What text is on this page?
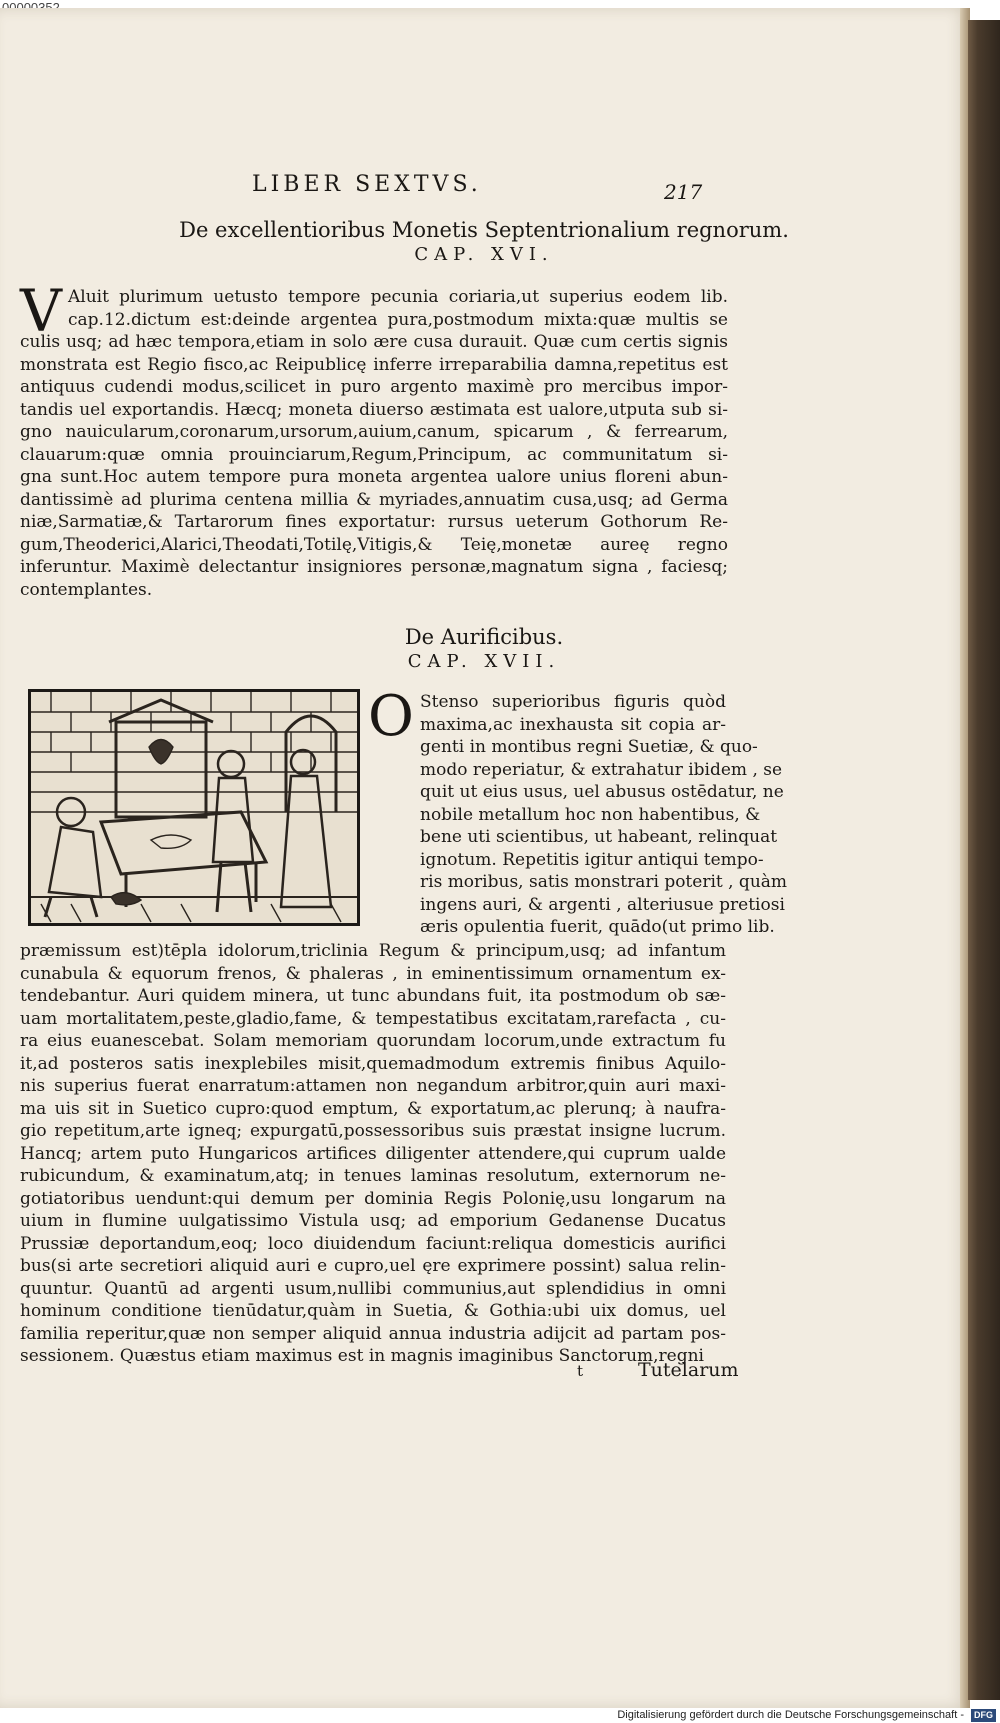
LIBER SEXTVS.	217
De excellentioribus Monetis Septentrionalium regnorum.
CAP. XVI.
V Aluit plurimum uetusto tempore pecunia coriaria,ut superius eodem lib.
cap.12.dictum est:deinde argentea pura,postmodum mixta:quæ multis se
culis usq; ad hæc tempora,etiam in solo ære cusa durauit. Quæ cum certis signis
monstrata est Regio fisco,ac Reipublicę inferre irreparabilia damna,repetitus est
antiquus cudendi modus,scilicet in puro argento maximè pro mercibus impor-
tandis uel exportandis. Hæcq; moneta diuerso æstimata est ualore,utputa sub si-
gno nauicularum,coronarum,ursorum,auium,canum, spicarum , & ferrearum,
clauarum:quæ omnia prouinciarum,Regum,Principum, ac communitatum si-
gna sunt.Hoc autem tempore pura moneta argentea ualore unius floreni abun-
dantissimè ad plurima centena millia & myriades,annuatim cusa,usq; ad Germa
niæ,Sarmatiæ,& Tartarorum fines exportatur: rursus ueterum Gothorum Re-
gum,Theoderici,Alarici,Theodati,Totilę,Vitigis,& Teię,monetæ aureę regno
inferuntur. Maximè delectantur insigniores personæ,magnatum signa , faciesq;
contemplantes.
De Aurificibus.
CAP. XVII.
O Stenso superioribus figuris quòd
maxima,ac inexhausta sit copia ar-
genti in montibus regni Suetiæ, & quo-
modo reperiatur, & extrahatur ibidem , se
quit ut eius usus, uel abusus ostēdatur, ne
nobile metallum hoc non habentibus, &
bene uti scientibus, ut habeant, relinquat
ignotum. Repetitis igitur antiqui tempo-
ris moribus, satis monstrari poterit , quàm
ingens auri, & argenti , alteriusue pretiosi
æris opulentia fuerit, quādo(ut primo lib.
præmissum est)tēpla idolorum,triclinia Regum & principum,usq; ad infantum
cunabula & equorum frenos, & phaleras , in eminentissimum ornamentum ex-
tendebantur. Auri quidem minera, ut tunc abundans fuit, ita postmodum ob sæ-
uam mortalitatem,peste,gladio,fame, & tempestatibus excitatam,rarefacta , cu-
ra eius euanescebat. Solam memoriam quorundam locorum,unde extractum fu
it,ad posteros satis inexplebiles misit,quemadmodum extremis finibus Aquilo-
nis superius fuerat enarratum:attamen non negandum arbitror,quin auri maxi-
ma uis sit in Suetico cupro:quod emptum, & exportatum,ac plerunq; à naufra-
gio repetitum,arte igneq; expurgatū,possessoribus suis præstat insigne lucrum.
Hancq; artem puto Hungaricos artifices diligenter attendere,qui cuprum ualde
rubicundum, & examinatum,atq; in tenues laminas resolutum, externorum ne-
gotiatoribus uendunt:qui demum per dominia Regis Polonię,usu longarum na
uium in flumine uulgatissimo Vistula usq; ad emporium Gedanense Ducatus
Prussiæ deportandum,eoq; loco diuidendum faciunt:reliqua domesticis aurifici
bus(si arte secretiori aliquid auri e cupro,uel ęre exprimere possint) salua relin-
quuntur. Quantū ad argenti usum,nullibi communius,aut splendidius in omni
hominum conditione tienūdatur,quàm in Suetia, & Gothia:ubi uix domus, uel
familia reperitur,quæ non semper aliquid annua industria adijcit ad partam pos-
sessionem. Quæstus etiam maximus est in magnis imaginibus Sanctorum,regni
t	Tutelarum
Digitalisierung gefördert durch die Deutsche Forschungsgemeinschaft -	DFG
